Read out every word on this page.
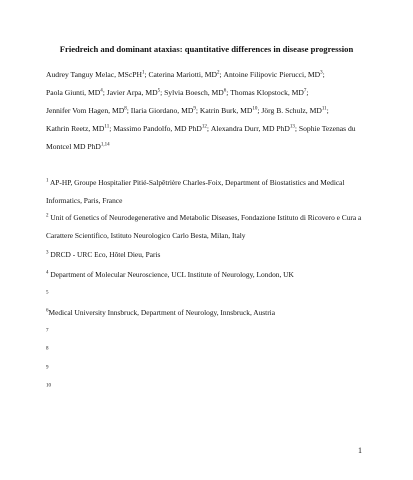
Friedreich and dominant ataxias: quantitative differences in disease progression

Audrey Tanguy Melac, MScPH$^1$; Caterina Mariotti, $MD^2$; Antoine Filipovic Pierucci, $MD^3$; Paola Giunti, $MD^4$; Javier Arpa, $MD^5$; Sylvia Boesch, $MD^6$; Thomas Klopstock, $MD^7$; Jennifer Vom Hagen, $MD^8$; Ilaria Giordano, $MD^9$; Katrin Burk, MD$^{10}$; Jörg B. Schulz, MD$^{11}$; Kathrin Reetz, MD$^{11}$; Massimo Pandolfo, MD PhD$^{12}$; Alexandra Durr, MD PhD$^{13}$; Sophie Tezenas du Montcel MD PhD$^{1,14}$

$^1$ AP-HP, Groupe Hospitalier Pitié-Salpêtrière Charles-Foix, Department of Biostatistics and Medical Informatics, Paris, France

$^2$ Unit of Genetics of Neurodegenerative and Metabolic Diseases, Fondazione Istituto di Ricovero e Cura a Carattere Scientifico, Istituto Neurologico Carlo Besta, Milan, Italy

$^3$ DRCD - URC Eco, Hôtel Dieu, Paris

$^4$ Department of Molecular Neuroscience, UCL Institute of Neurology, London, UK

$^5$

$^6$Medical University Innsbruck, Department of Neurology, Innsbruck, Austria

$^7$

$^8$

$^9$

$^{10}$

1
